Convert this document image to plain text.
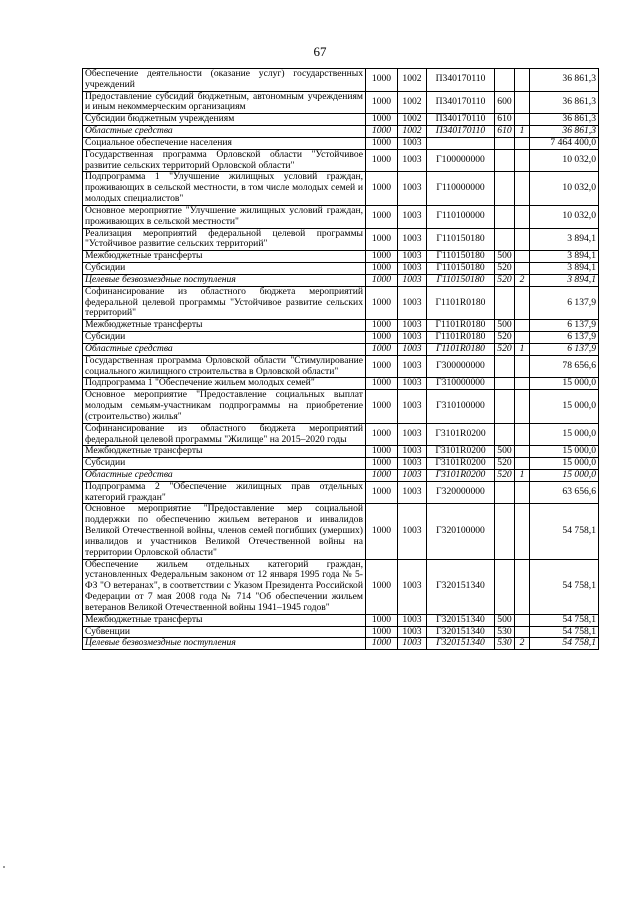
67
Обеспечение деятельности (оказание услуг) государственных учреждений	1000	1002	П340170110			36 861,3
Предоставление субсидий бюджетным, автономным учреждениям и иным некоммерческим организациям	1000	1002	П340170110	600		36 861,3
Субсидии бюджетным учреждениям	1000	1002	П340170110	610		36 861,3
Областные средства	1000	1002	П340170110	610	1	36 861,3
Социальное обеспечение населения	1000	1003				7 464 400,0
Государственная программа Орловской области "Устойчивое развитие сельских территорий Орловской области"	1000	1003	Г100000000			10 032,0
Подпрограмма 1 "Улучшение жилищных условий граждан, проживающих в сельской местности, в том числе молодых семей и молодых специалистов"	1000	1003	Г110000000			10 032,0
Основное мероприятие "Улучшение жилищных условий граждан, проживающих в сельской местности"	1000	1003	Г110100000			10 032,0
Реализация мероприятий федеральной целевой программы "Устойчивое развитие сельских территорий"	1000	1003	Г110150180			3 894,1
Межбюджетные трансферты	1000	1003	Г110150180	500		3 894,1
Субсидии	1000	1003	Г110150180	520		3 894,1
Целевые безвозмездные поступления	1000	1003	Г110150180	520	2	3 894,1
Софинансирование из областного бюджета мероприятий федеральной целевой программы "Устойчивое развитие сельских территорий"	1000	1003	Г1101R0180			6 137,9
Межбюджетные трансферты	1000	1003	Г1101R0180	500		6 137,9
Субсидии	1000	1003	Г1101R0180	520		6 137,9
Областные средства	1000	1003	Г1101R0180	520	1	6 137,9
Государственная программа Орловской области "Стимулирование социального жилищного строительства в Орловской области"	1000	1003	Г300000000			78 656,6
Подпрограмма 1 "Обеспечение жильем молодых семей"	1000	1003	Г310000000			15 000,0
Основное мероприятие "Предоставление социальных выплат молодым семьям-участникам подпрограммы на приобретение (строительство) жилья"	1000	1003	Г310100000			15 000,0
Софинансирование из областного бюджета мероприятий федеральной целевой программы "Жилище" на 2015–2020 годы	1000	1003	Г3101R0200			15 000,0
Межбюджетные трансферты	1000	1003	Г3101R0200	500		15 000,0
Субсидии	1000	1003	Г3101R0200	520		15 000,0
Областные средства	1000	1003	Г3101R0200	520	1	15 000,0
Подпрограмма 2 "Обеспечение жилищных прав отдельных категорий граждан"	1000	1003	Г320000000			63 656,6
Основное мероприятие "Предоставление мер социальной поддержки по обеспечению жильем ветеранов и инвалидов Великой Отечественной войны, членов семей погибших (умерших) инвалидов и участников Великой Отечественной войны на территории Орловской области"	1000	1003	Г320100000			54 758,1
Обеспечение жильем отдельных категорий граждан, установленных Федеральным законом от 12 января 1995 года № 5-ФЗ "О ветеранах", в соответствии с Указом Президента Российской Федерации от 7 мая 2008 года № 714 "Об обеспечении жильем ветеранов Великой Отечественной войны 1941–1945 годов"	1000	1003	Г320151340			54 758,1
Межбюджетные трансферты	1000	1003	Г320151340	500		54 758,1
Субвенции	1000	1003	Г320151340	530		54 758,1
Целевые безвозмездные поступления	1000	1003	Г320151340	530	2	54 758,1
